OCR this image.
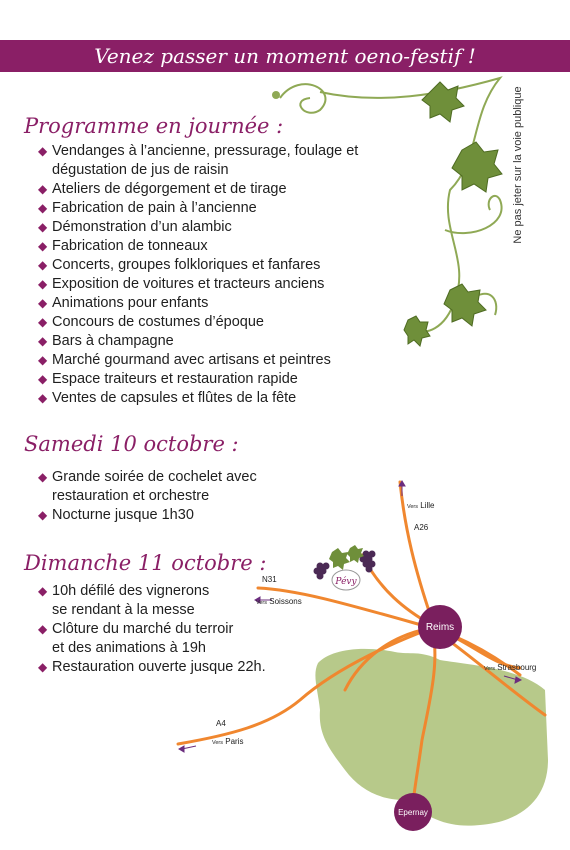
Venez passer un moment oeno-festif !
Ne pas jeter sur la voie publique
Programme en journée :
◆ Vendanges à l’ancienne, pressurage, foulage et
dégustation de jus de raisin
◆ Ateliers de dégorgement et de tirage
◆ Fabrication de pain à l’ancienne
◆ Démonstration d’un alambic
◆ Fabrication de tonneaux
◆ Concerts, groupes folkloriques et fanfares
◆ Exposition de voitures et tracteurs anciens
◆ Animations pour enfants
◆ Concours de costumes d’époque
◆ Bars à champagne
◆ Marché gourmand avec artisans et peintres
◆ Espace traiteurs et restauration rapide
◆ Ventes de capsules et flûtes de la fête
Samedi 10 octobre :
◆ Grande soirée de cochelet avec
restauration et orchestre
◆ Nocturne jusque 1h30
Dimanche 11 octobre :
◆ 10h défilé des vignerons
se rendant à la messe
◆ Clôture du marché du terroir
et des animations à 19h
◆ Restauration ouverte jusque 22h.
Vers Lille
A26
N31
Vers Soissons
Vers Strasbourg
A4
Vers Paris
Reims
Epernay
Pévy
